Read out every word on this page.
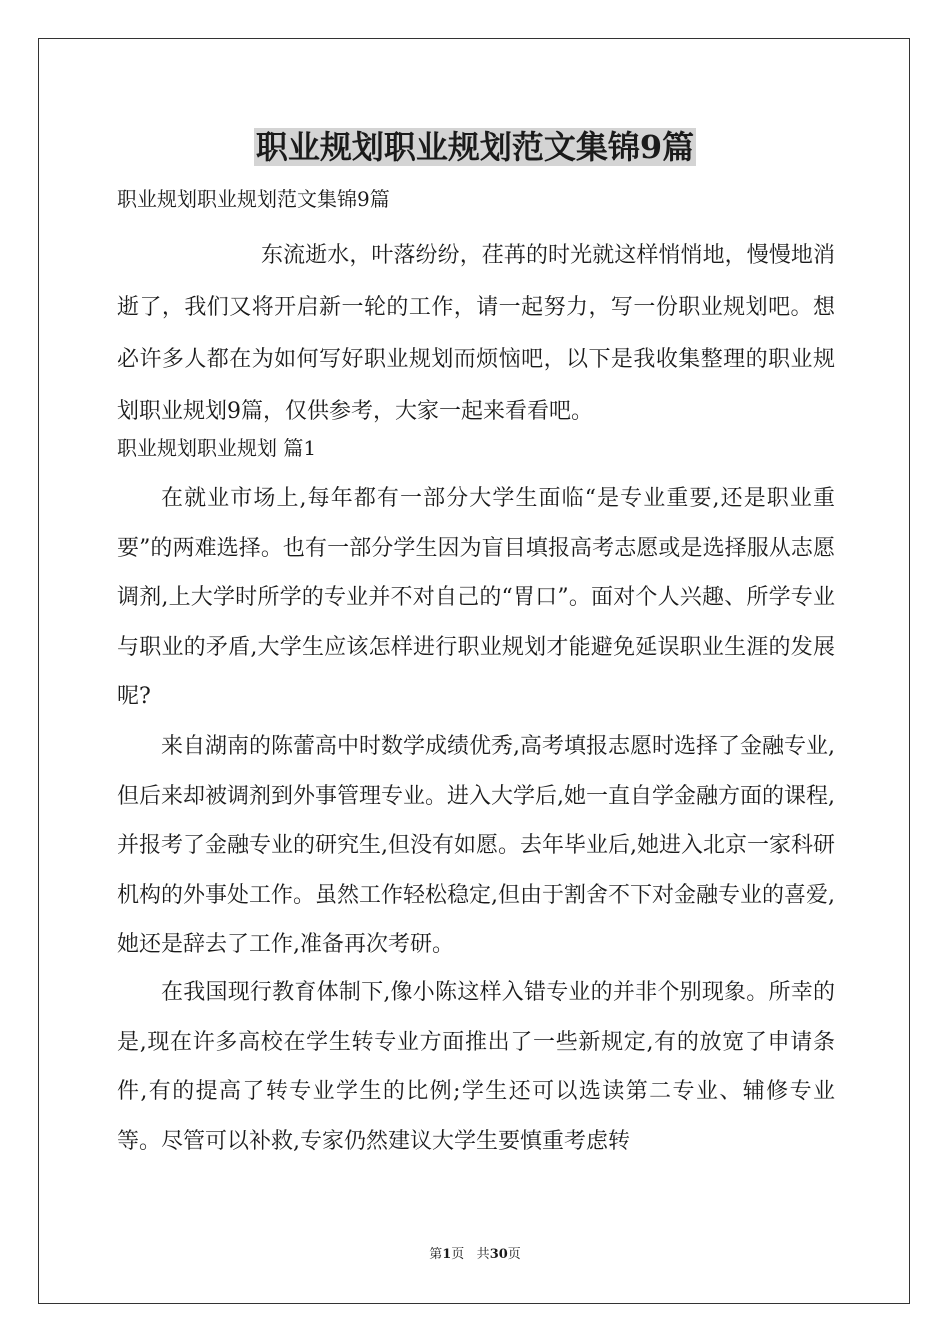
职业规划职业规划范文集锦9篇
职业规划职业规划范文集锦9篇
东流逝水，叶落纷纷，荏苒的时光就这样悄悄地，慢慢地消逝了，我们又将开启新一轮的工作，请一起努力，写一份职业规划吧。想必许多人都在为如何写好职业规划而烦恼吧，以下是我收集整理的职业规划职业规划9篇，仅供参考，大家一起来看看吧。
职业规划职业规划 篇1
在就业市场上,每年都有一部分大学生面临“是专业重要,还是职业重要”的两难选择。也有一部分学生因为盲目填报高考志愿或是选择服从志愿调剂,上大学时所学的专业并不对自己的“胃口”。面对个人兴趣、所学专业与职业的矛盾,大学生应该怎样进行职业规划才能避免延误职业生涯的发展呢?
来自湖南的陈蕾高中时数学成绩优秀,高考填报志愿时选择了金融专业,但后来却被调剂到外事管理专业。进入大学后,她一直自学金融方面的课程,并报考了金融专业的研究生,但没有如愿。去年毕业后,她进入北京一家科研机构的外事处工作。虽然工作轻松稳定,但由于割舍不下对金融专业的喜爱,她还是辞去了工作,准备再次考研。
在我国现行教育体制下,像小陈这样入错专业的并非个别现象。所幸的是,现在许多高校在学生转专业方面推出了一些新规定,有的放宽了申请条件,有的提高了转专业学生的比例;学生还可以选读第二专业、辅修专业等。尽管可以补救,专家仍然建议大学生要慎重考虑转
第1页 共30页
